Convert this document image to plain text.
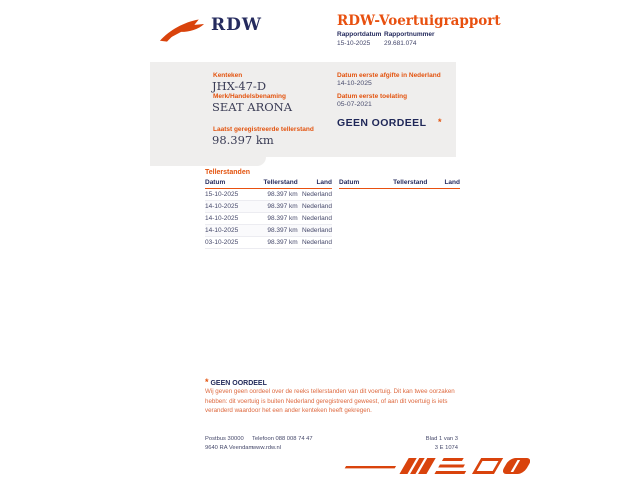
RDW	RDW-Voertuigrapport
Rapportdatum Rapportnummer
15-10-2025 29.681.074
Kenteken
JHX-47-D
Merk/Handelsbenaming
SEAT ARONA
Laatst geregistreerde tellerstand
98.397 km
Datum eerste afgifte in Nederland
14-10-2025
Datum eerste toelating
05-07-2021
GEEN OORDEEL *
Tellerstanden
Datum	Tellerstand	Land
15-10-2025	98.397 km Nederland
14-10-2025	98.397 km Nederland
14-10-2025	98.397 km Nederland
14-10-2025	98.397 km Nederland
03-10-2025	98.397 km Nederland
Datum	Tellerstand	Land
* GEEN OORDEEL
Wij geven geen oordeel over de reeks tellerstanden van dit voertuig. Dit kan twee oorzaken hebben: dit voertuig is buiten Nederland geregistreerd geweest, of aan dit voertuig is iets veranderd waardoor het een ander kenteken heeft gekregen.
Postbus 30000
9640 RA Veendam
Telefoon 088 008 74 47
www.rdw.nl
Blad 1 van 3
3 E 1074
